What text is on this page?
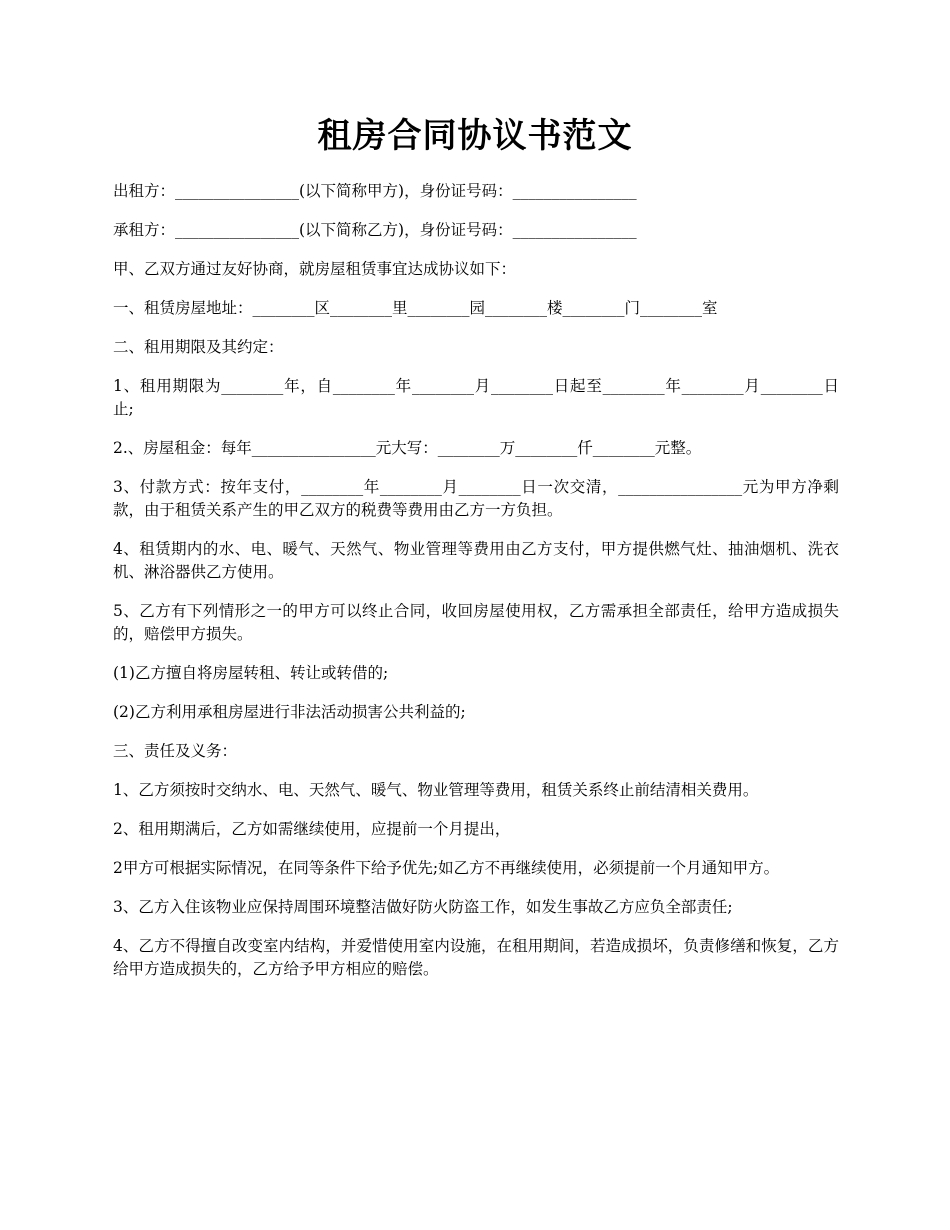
租房合同协议书范文

出租方：________________(以下简称甲方)，身份证号码：________________

承租方：________________(以下简称乙方)，身份证号码：________________

甲、乙双方通过友好协商，就房屋租赁事宜达成协议如下：

一、租赁房屋地址：________区________里________园________楼________门________室

二、租用期限及其约定：

1、租用期限为________年，自________年________月________日起至________年________月________日止;

2.、房屋租金：每年________________元大写：________万________仟________元整。

3、付款方式：按年支付，________年________月________日一次交清，________________元为甲方净剩款，由于租赁关系产生的甲乙双方的税费等费用由乙方一方负担。

4、租赁期内的水、电、暖气、天然气、物业管理等费用由乙方支付，甲方提供燃气灶、抽油烟机、洗衣机、淋浴器供乙方使用。

5、乙方有下列情形之一的甲方可以终止合同，收回房屋使用权，乙方需承担全部责任，给甲方造成损失的，赔偿甲方损失。

(1)乙方擅自将房屋转租、转让或转借的;

(2)乙方利用承租房屋进行非法活动损害公共利益的;

三、责任及义务：

1、乙方须按时交纳水、电、天然气、暖气、物业管理等费用，租赁关系终止前结清相关费用。

2、租用期满后，乙方如需继续使用，应提前一个月提出，

2甲方可根据实际情况，在同等条件下给予优先;如乙方不再继续使用，必须提前一个月通知甲方。

3、乙方入住该物业应保持周围环境整洁做好防火防盗工作，如发生事故乙方应负全部责任;

4、乙方不得擅自改变室内结构，并爱惜使用室内设施，在租用期间，若造成损坏，负责修缮和恢复，乙方给甲方造成损失的，乙方给予甲方相应的赔偿。
